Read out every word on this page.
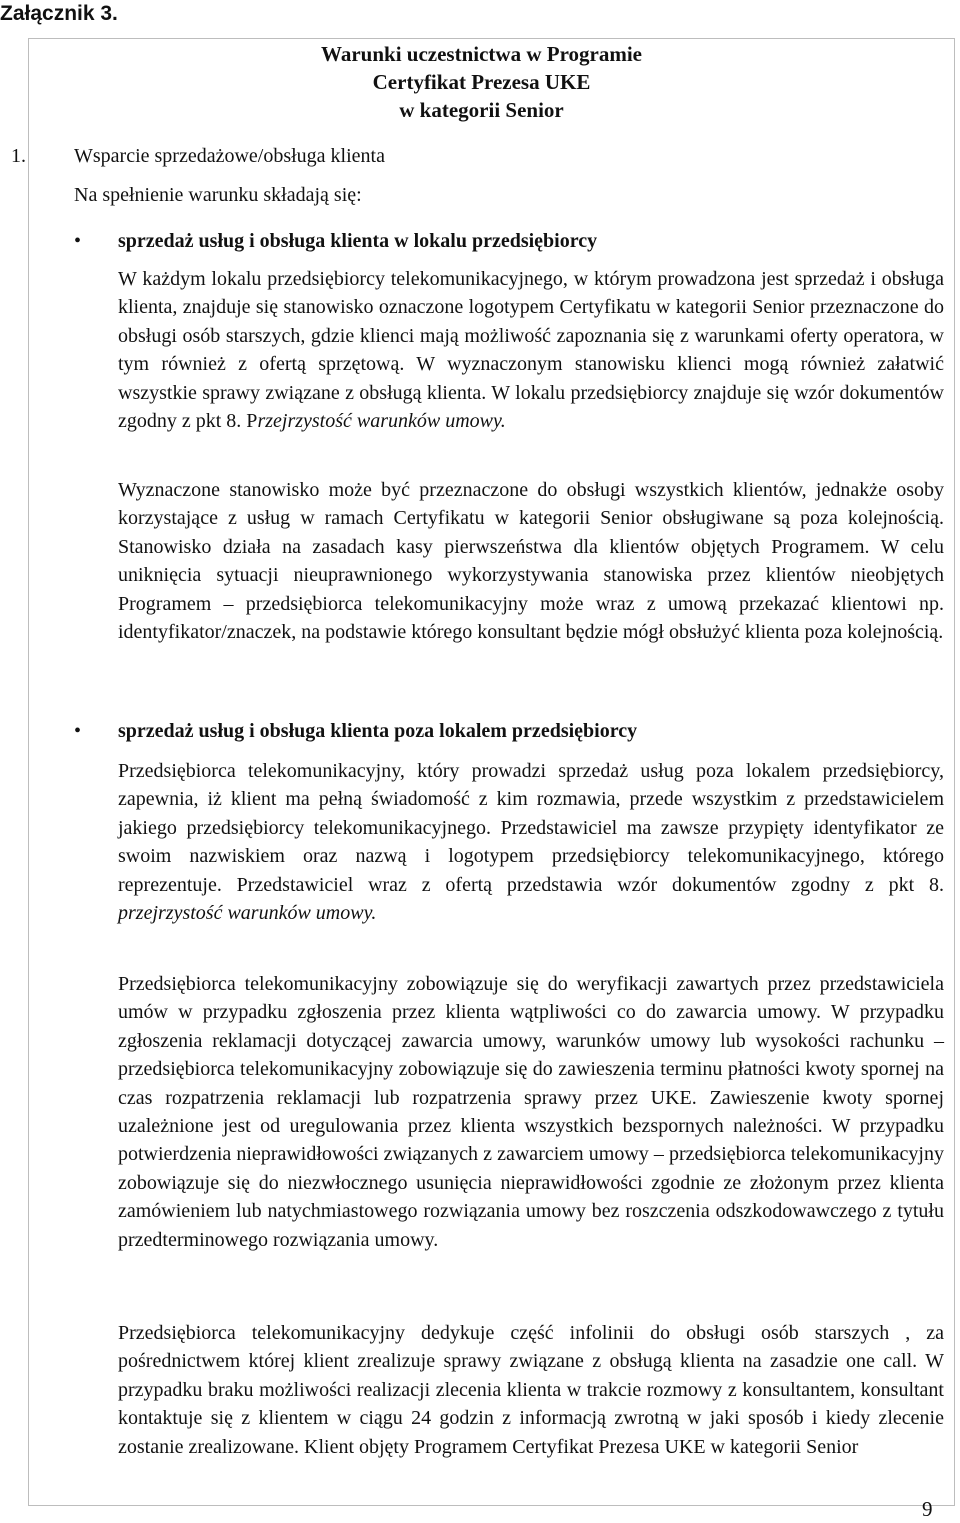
Załącznik 3.
Warunki uczestnictwa w Programie
Certyfikat Prezesa UKE
w kategorii Senior
1. Wsparcie sprzedażowe/obsługa klienta
Na spełnienie warunku składają się:
• sprzedaż usług i obsługa klienta w lokalu przedsiębiorcy

W każdym lokalu przedsiębiorcy telekomunikacyjnego, w którym prowadzona jest sprzedaż i obsługa klienta, znajduje się stanowisko oznaczone logotypem Certyfikatu w kategorii Senior przeznaczone do obsługi osób starszych, gdzie klienci mają możliwość zapoznania się z warunkami oferty operatora, w tym również z ofertą sprzętową. W wyznaczonym stanowisku klienci mogą również załatwić wszystkie sprawy związane z obsługą klienta. W lokalu przedsiębiorcy znajduje się wzór dokumentów zgodny z pkt 8. Przejrzystość warunków umowy.

Wyznaczone stanowisko może być przeznaczone do obsługi wszystkich klientów, jednakże osoby korzystające z usług w ramach Certyfikatu w kategorii Senior obsługiwane są poza kolejnością. Stanowisko działa na zasadach kasy pierwszeństwa dla klientów objętych Programem. W celu uniknięcia sytuacji nieuprawnionego wykorzystywania stanowiska przez klientów nieobjętych Programem – przedsiębiorca telekomunikacyjny może wraz z umową przekazać klientowi np. identyfikator/znaczek, na podstawie którego konsultant będzie mógł obsłużyć klienta poza kolejnością.

• sprzedaż usług i obsługa klienta poza lokalem przedsiębiorcy

Przedsiębiorca telekomunikacyjny, który prowadzi sprzedaż usług poza lokalem przedsiębiorcy, zapewnia, iż klient ma pełną świadomość z kim rozmawia, przede wszystkim z przedstawicielem jakiego przedsiębiorcy telekomunikacyjnego. Przedstawiciel ma zawsze przypięty identyfikator ze swoim nazwiskiem oraz nazwą i logotypem przedsiębiorcy telekomunikacyjnego, którego reprezentuje. Przedstawiciel wraz z ofertą przedstawia wzór dokumentów zgodny z pkt 8. przejrzystość warunków umowy.

Przedsiębiorca telekomunikacyjny zobowiązuje się do weryfikacji zawartych przez przedstawiciela umów w przypadku zgłoszenia przez klienta wątpliwości co do zawarcia umowy. W przypadku zgłoszenia reklamacji dotyczącej zawarcia umowy, warunków umowy lub wysokości rachunku – przedsiębiorca telekomunikacyjny zobowiązuje się do zawieszenia terminu płatności kwoty spornej na czas rozpatrzenia reklamacji lub rozpatrzenia sprawy przez UKE. Zawieszenie kwoty spornej uzależnione jest od uregulowania przez klienta wszystkich bezspornych należności. W przypadku potwierdzenia nieprawidłowości związanych z zawarciem umowy – przedsiębiorca telekomunikacyjny zobowiązuje się do niezwłocznego usunięcia nieprawidłowości zgodnie ze złożonym przez klienta zamówieniem lub natychmiastowego rozwiązania umowy bez roszczenia odszkodowawczego z tytułu przedterminowego rozwiązania umowy.

Przedsiębiorca telekomunikacyjny dedykuje część infolinii do obsługi osób starszych , za pośrednictwem której klient zrealizuje sprawy związane z obsługą klienta na zasadzie one call. W przypadku braku możliwości realizacji zlecenia klienta w trakcie rozmowy z konsultantem, konsultant kontaktuje się z klientem w ciągu 24 godzin z informacją zwrotną w jaki sposób i kiedy zlecenie zostanie zrealizowane. Klient objęty Programem Certyfikat Prezesa UKE w kategorii Senior

9
